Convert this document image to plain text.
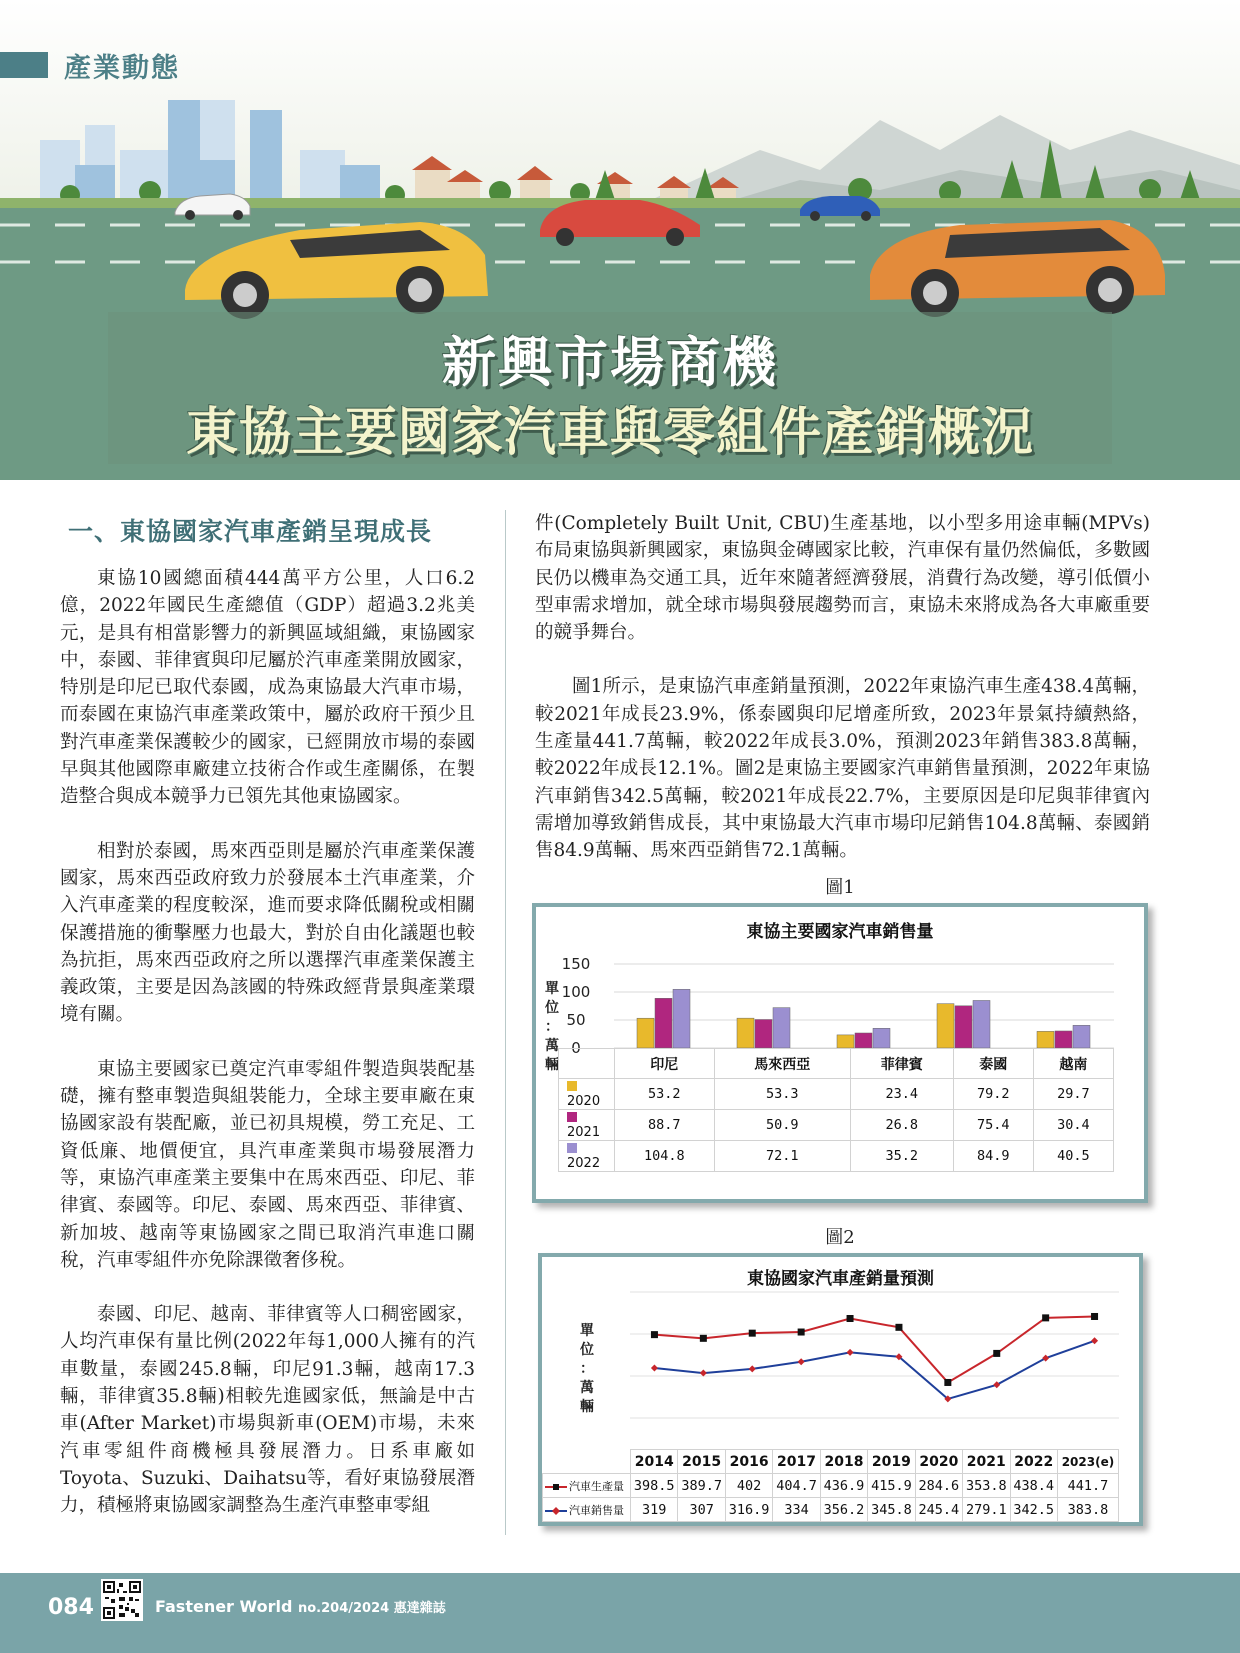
產業動態
新興市場商機
東協主要國家汽車與零組件產銷概況
一、東協國家汽車產銷呈現成長

東協10國總面積444萬平方公里，人口6.2億，2022年國民生產總值（GDP）超過3.2兆美元，是具有相當影響力的新興區域組織，東協國家中，泰國、菲律賓與印尼屬於汽車產業開放國家，特別是印尼已取代泰國，成為東協最大汽車市場，而泰國在東協汽車產業政策中，屬於政府干預少且對汽車產業保護較少的國家，已經開放市場的泰國早與其他國際車廠建立技術合作或生產關係，在製造整合與成本競爭力已領先其他東協國家。

相對於泰國，馬來西亞則是屬於汽車產業保護國家，馬來西亞政府致力於發展本土汽車產業，介入汽車產業的程度較深，進而要求降低關稅或相關保護措施的衝擊壓力也最大，對於自由化議題也較為抗拒，馬來西亞政府之所以選擇汽車產業保護主義政策，主要是因為該國的特殊政經背景與產業環境有關。

東協主要國家已奠定汽車零組件製造與裝配基礎，擁有整車製造與組裝能力，全球主要車廠在東協國家設有裝配廠，並已初具規模，勞工充足、工資低廉、地價便宜，具汽車產業與市場發展潛力等，東協汽車產業主要集中在馬來西亞、印尼、菲律賓、泰國等。印尼、泰國、馬來西亞、菲律賓、新加坡、越南等東協國家之間已取消汽車進口關稅，汽車零組件亦免除課徵奢侈稅。

泰國、印尼、越南、菲律賓等人口稠密國家，人均汽車保有量比例(2022年每1,000人擁有的汽車數量，泰國245.8輛，印尼91.3輛，越南17.3輛，菲律賓35.8輛)相較先進國家低，無論是中古車(After Market)市場與新車(OEM)市場，未來汽車零組件商機極具發展潛力。日系車廠如Toyota、Suzuki、Daihatsu等，看好東協發展潛力，積極將東協國家調整為生產汽車整車零組

件(Completely Built Unit, CBU)生產基地，以小型多用途車輛(MPVs)布局東協與新興國家，東協與金磚國家比較，汽車保有量仍然偏低，多數國民仍以機車為交通工具，近年來隨著經濟發展，消費行為改變，導引低價小型車需求增加，就全球市場與發展趨勢而言，東協未來將成為各大車廠重要的競爭舞台。

圖1所示，是東協汽車產銷量預測，2022年東協汽車生產438.4萬輛，較2021年成長23.9%，係泰國與印尼增產所致，2023年景氣持續熱絡，生產量441.7萬輛，較2022年成長3.0%，預測2023年銷售383.8萬輛，較2022年成長12.1%。圖2是東協主要國家汽車銷售量預測，2022年東協汽車銷售342.5萬輛，較2021年成長22.7%，主要原因是印尼與菲律賓內需增加導致銷售成長，其中東協最大汽車市場印尼銷售104.8萬輛、泰國銷售84.9萬輛、馬來西亞銷售72.1萬輛。

圖1
東協主要國家汽車銷售量
單
位
：
萬
輛
0
50
100
150
	印尼	馬來西亞	菲律賓	泰國	越南
2020	53.2	53.3	23.4	79.2	29.7
2021	88.7	50.9	26.8	75.4	30.4
2022	104.8	72.1	35.2	84.9	40.5
圖2
東協國家汽車產銷量預測
單
位
：
萬
輛
	2014	2015	2016	2017	2018	2019	2020	2021	2022	2023(e)
汽車生產量	398.5	389.7	402	404.7	436.9	415.9	284.6	353.8	438.4	441.7
汽車銷售量	319	307	316.9	334	356.2	345.8	245.4	279.1	342.5	383.8
084	Fastener World no.204/2024 惠達雜誌
